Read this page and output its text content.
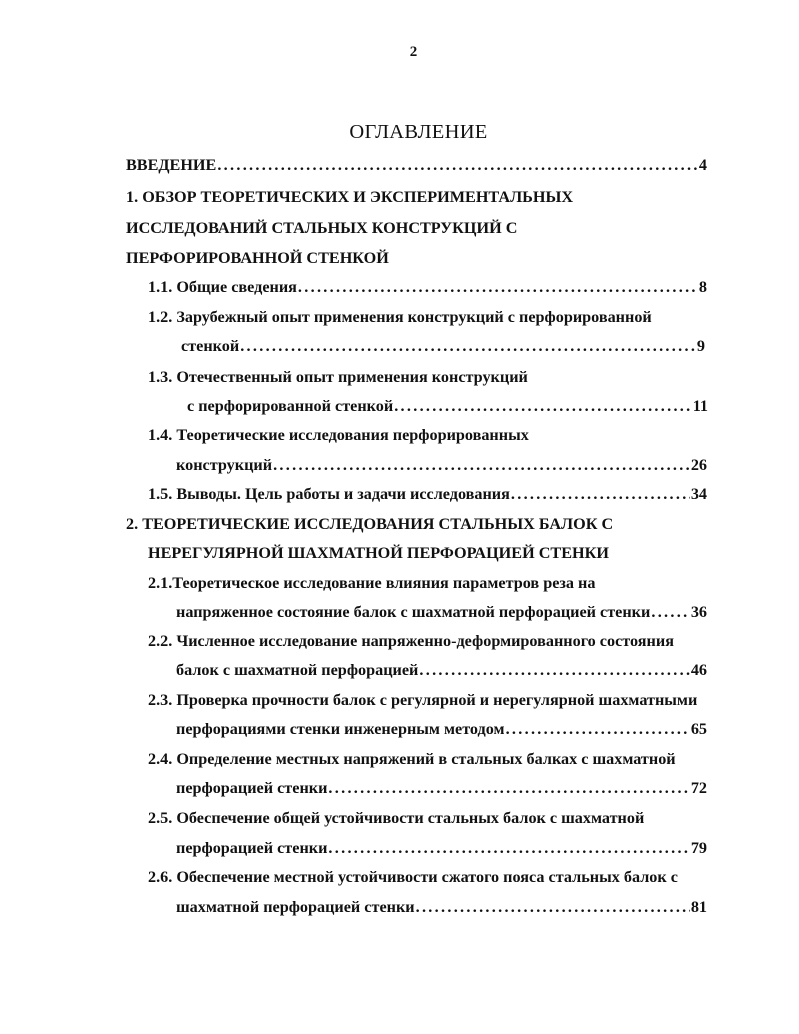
2
ОГЛАВЛЕНИЕ
ВВЕДЕНИЕ .....	4
1. ОБЗОР ТЕОРЕТИЧЕСКИХ И ЭКСПЕРИМЕНТАЛЬНЫХ
ИССЛЕДОВАНИЙ СТАЛЬНЫХ КОНСТРУКЦИЙ С
ПЕРФОРИРОВАННОЙ СТЕНКОЙ
1.1. Общие сведения .....	8
1.2. Зарубежный опыт применения конструкций с перфорированной
стенкой .....	9
1.3. Отечественный опыт применения конструкций
с перфорированной стенкой .....	11
1.4. Теоретические исследования перфорированных
конструкций .....	26
1.5. Выводы. Цель работы и задачи исследования .....	34
2. ТЕОРЕТИЧЕСКИЕ ИССЛЕДОВАНИЯ СТАЛЬНЫХ БАЛОК С
НЕРЕГУЛЯРНОЙ ШАХМАТНОЙ ПЕРФОРАЦИЕЙ СТЕНКИ
2.1.Теоретическое исследование влияния параметров реза на
напряженное состояние балок с шахматной перфорацией стенки ..... 36
2.2. Численное исследование напряженно-деформированного состояния
балок с шахматной перфорацией .....	46
2.3. Проверка прочности балок с регулярной и нерегулярной шахматными
перфорациями стенки инженерным методом .....	65
2.4. Определение местных напряжений в стальных балках с шахматной
перфорацией стенки .....	72
2.5. Обеспечение общей устойчивости стальных балок с шахматной
перфорацией стенки .....	79
2.6. Обеспечение местной устойчивости сжатого пояса стальных балок с
шахматной перфорацией стенки .....	81
